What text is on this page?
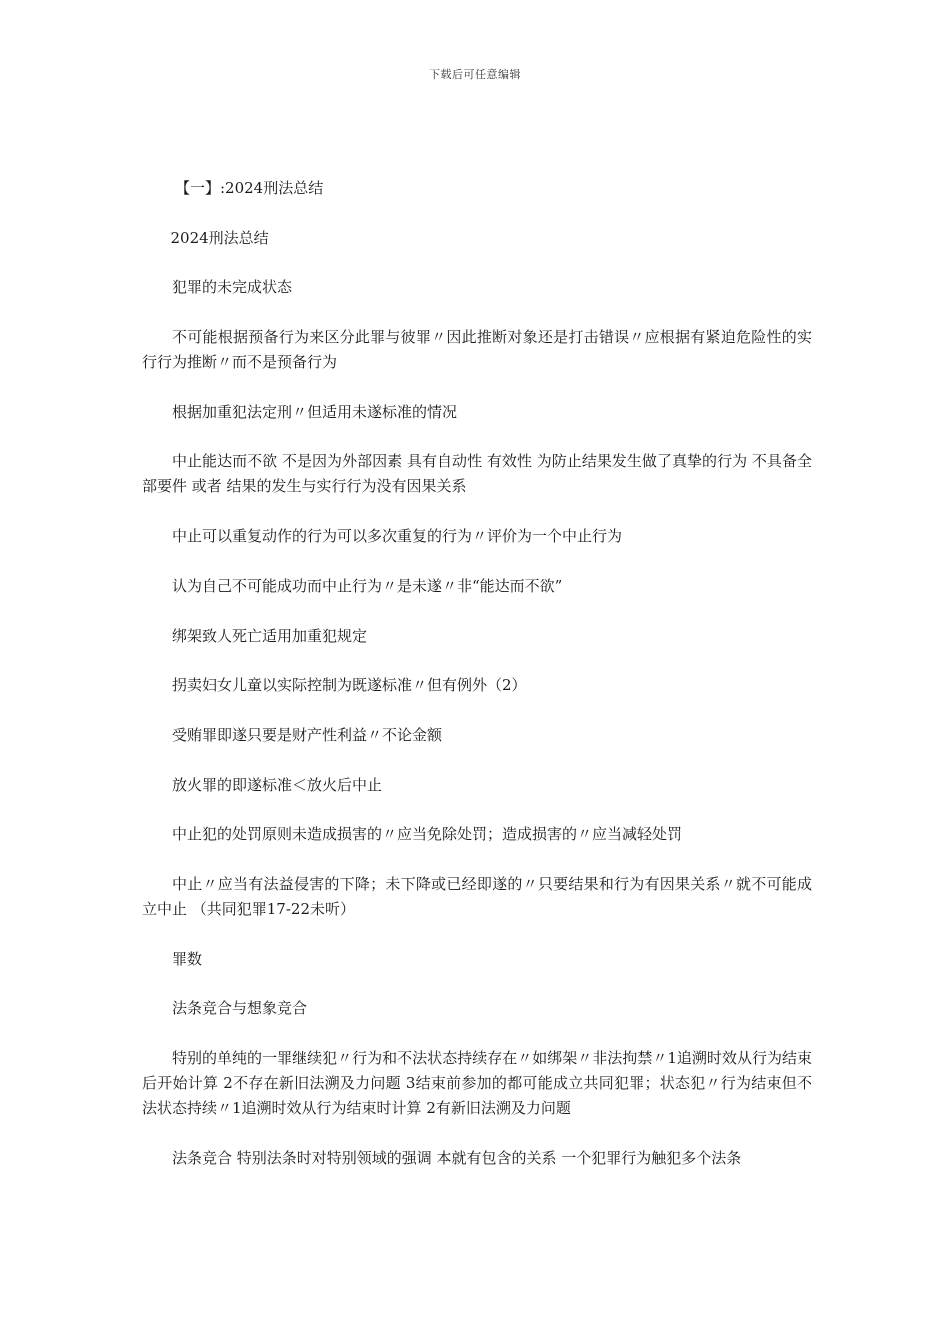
下载后可任意编辑

【一】:2024刑法总结

2024刑法总结

犯罪的未完成状态

不可能根据预备行为来区分此罪与彼罪〃因此推断对象还是打击错误〃应根据有紧迫危险性的实行行为推断〃而不是预备行为

根据加重犯法定刑〃但适用未遂标准的情况

中止能达而不欲 不是因为外部因素 具有自动性 有效性 为防止结果发生做了真挚的行为 不具备全部要件 或者 结果的发生与实行行为没有因果关系

中止可以重复动作的行为可以多次重复的行为〃评价为一个中止行为

认为自己不可能成功而中止行为〃是未遂〃非“能达而不欲”

绑架致人死亡适用加重犯规定

拐卖妇女儿童以实际控制为既遂标准〃但有例外（2）

受贿罪即遂只要是财产性利益〃不论金额

放火罪的即遂标准＜放火后中止

中止犯的处罚原则未造成损害的〃应当免除处罚；造成损害的〃应当减轻处罚

中止〃应当有法益侵害的下降；未下降或已经即遂的〃只要结果和行为有因果关系〃就不可能成立中止 （共同犯罪17-22未听）

罪数

法条竞合与想象竞合

特别的单纯的一罪继续犯〃行为和不法状态持续存在〃如绑架〃非法拘禁〃1追溯时效从行为结束后开始计算 2不存在新旧法溯及力问题 3结束前参加的都可能成立共同犯罪；状态犯〃行为结束但不法状态持续〃1追溯时效从行为结束时计算 2有新旧法溯及力问题

法条竞合 特别法条时对特别领域的强调 本就有包含的关系 一个犯罪行为触犯多个法条
